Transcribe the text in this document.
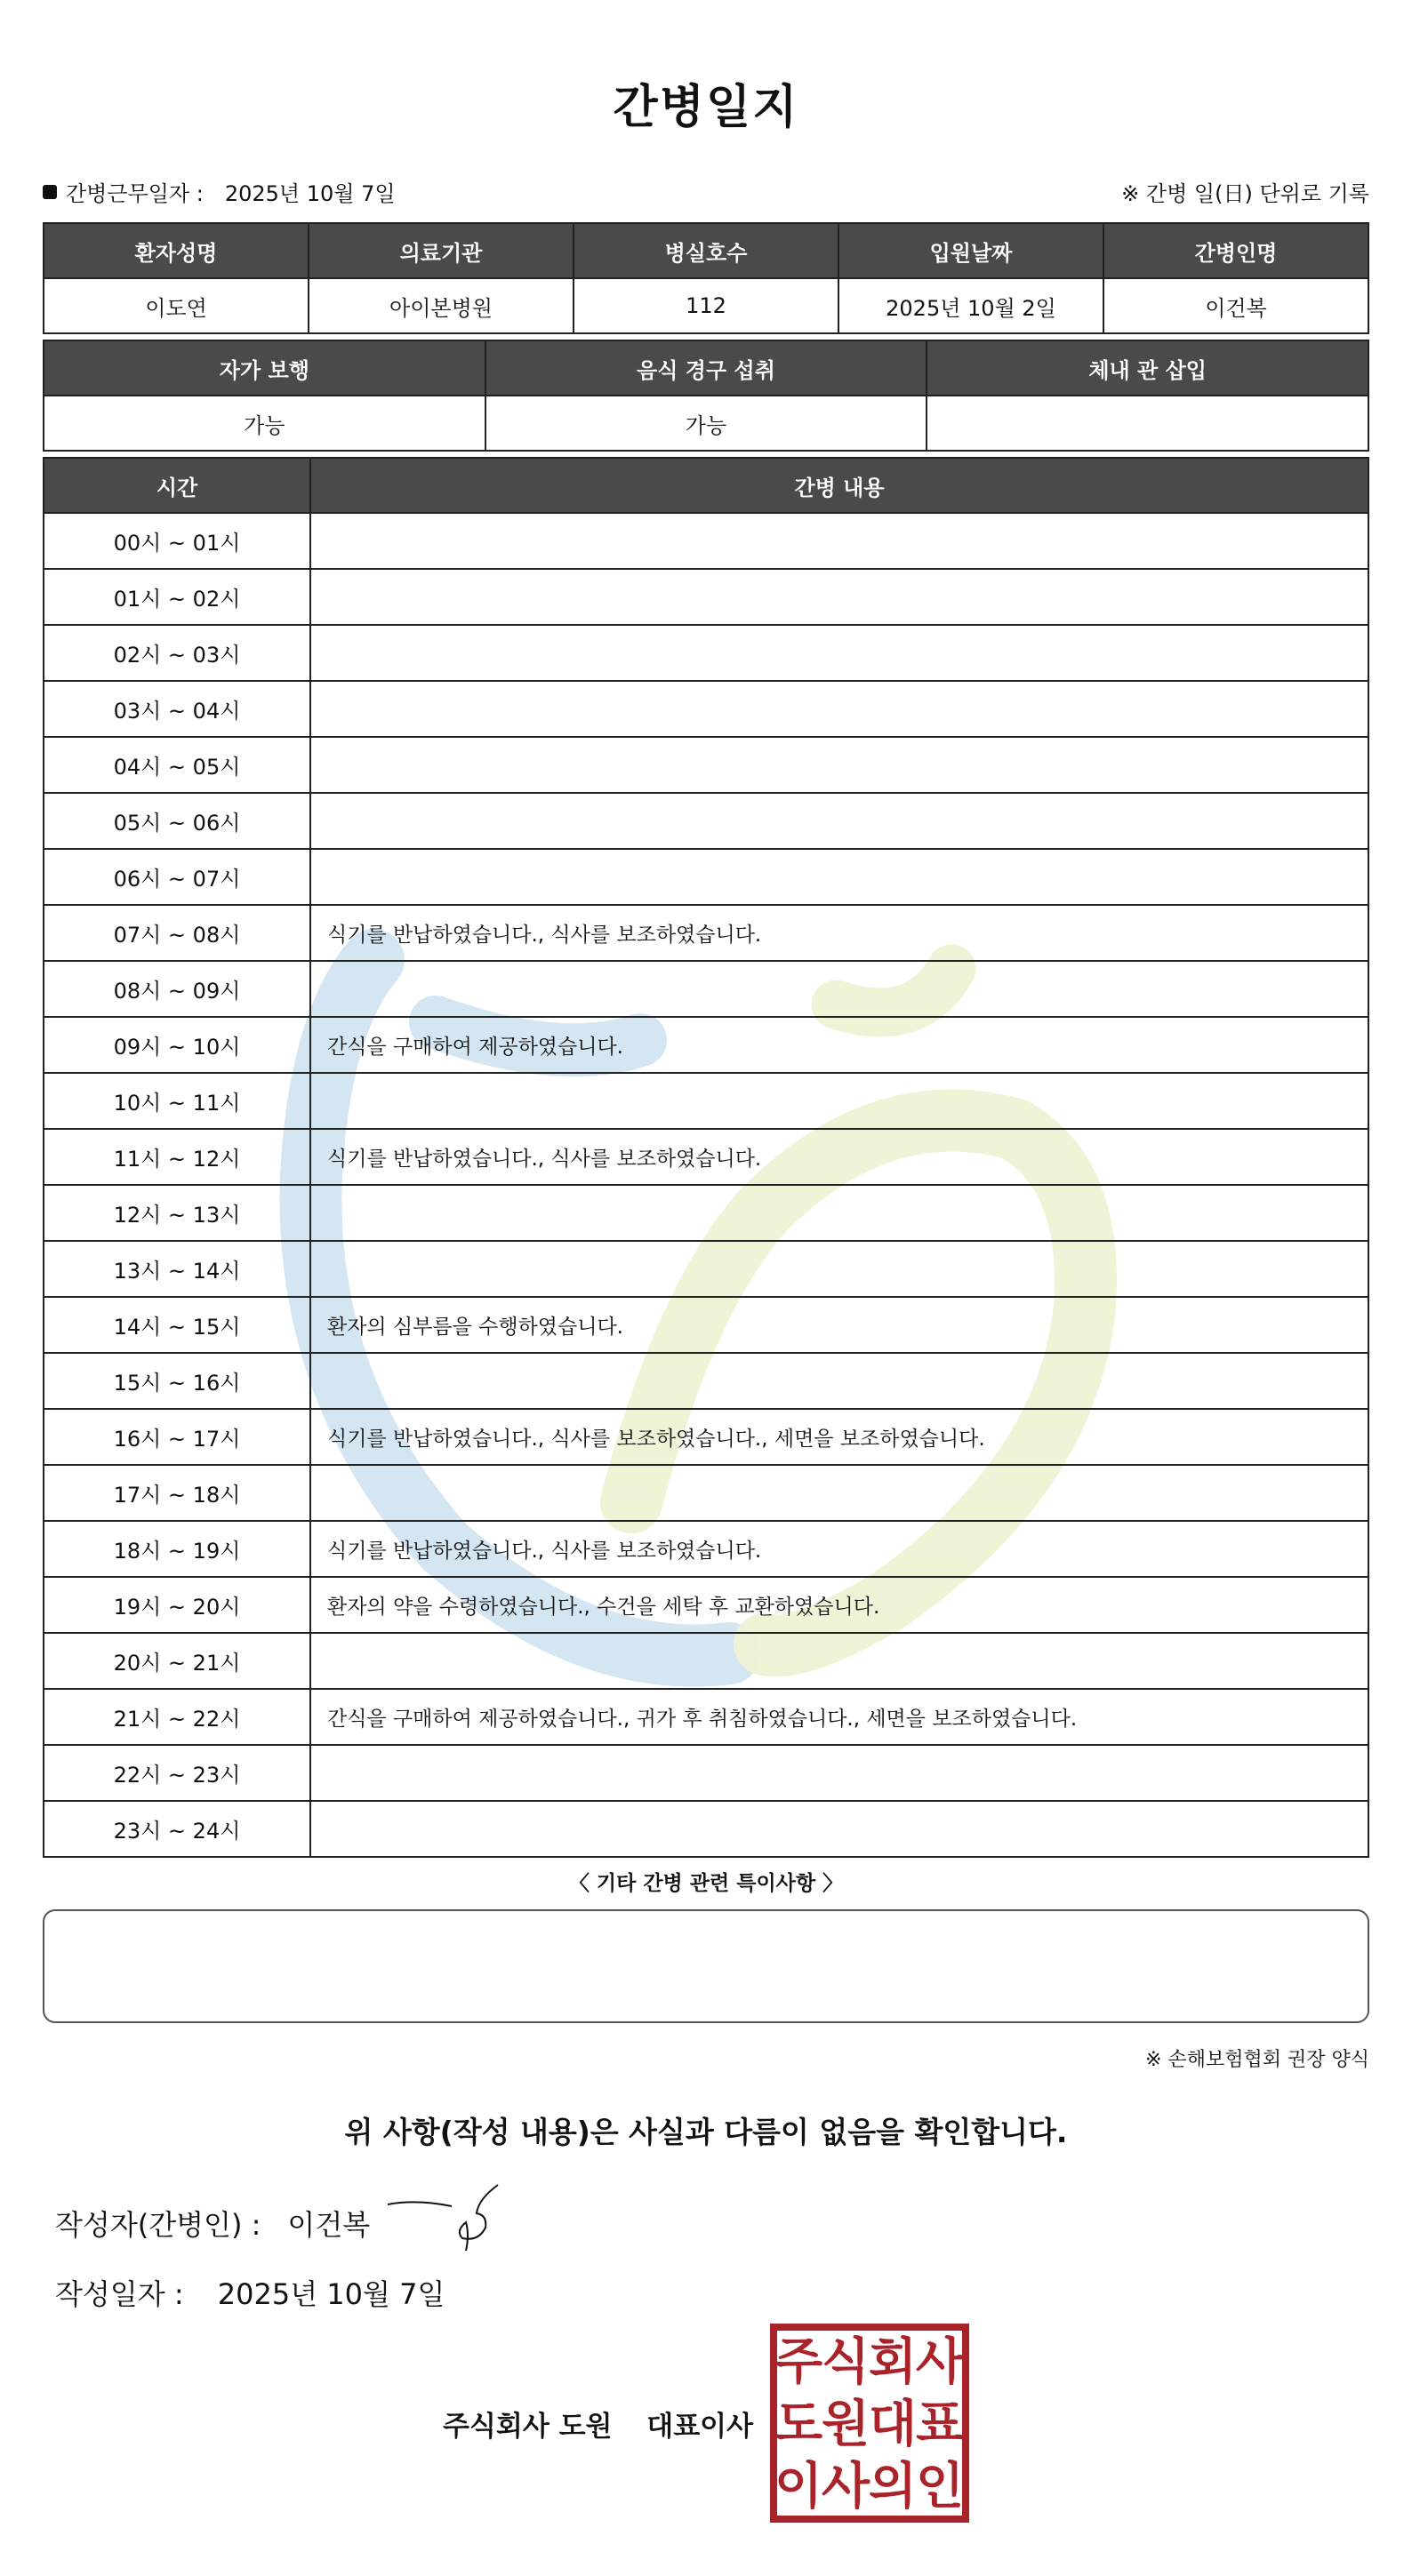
간병일지
간병근무일자 : 2025년 10월 7일	※ 간병 일(日) 단위로 기록
환자성명	의료기관	병실호수	입원날짜	간병인명
이도연	아이본병원	112	2025년 10월 2일	이건복
자가 보행	음식 경구 섭취	체내 관 삽입
가능	가능	
시간	간병 내용
00시 ~ 01시	
01시 ~ 02시	
02시 ~ 03시	
03시 ~ 04시	
04시 ~ 05시	
05시 ~ 06시	
06시 ~ 07시	
07시 ~ 08시	식기를 반납하였습니다., 식사를 보조하였습니다.
08시 ~ 09시	
09시 ~ 10시	간식을 구매하여 제공하였습니다.
10시 ~ 11시	
11시 ~ 12시	식기를 반납하였습니다., 식사를 보조하였습니다.
12시 ~ 13시	
13시 ~ 14시	
14시 ~ 15시	환자의 심부름을 수행하였습니다.
15시 ~ 16시	
16시 ~ 17시	식기를 반납하였습니다., 식사를 보조하였습니다., 세면을 보조하였습니다.
17시 ~ 18시	
18시 ~ 19시	식기를 반납하였습니다., 식사를 보조하였습니다.
19시 ~ 20시	환자의 약을 수령하였습니다., 수건을 세탁 후 교환하였습니다.
20시 ~ 21시	
21시 ~ 22시	간식을 구매하여 제공하였습니다., 귀가 후 취침하였습니다., 세면을 보조하였습니다.
22시 ~ 23시	
23시 ~ 24시	
〈 기타 간병 관련 특이사항 〉
※ 손해보험협회 권장 양식
위 사항(작성 내용)은 사실과 다름이 없음을 확인합니다.
작성자(간병인) : 이건복
작성일자 : 2025년 10월 7일
주식회사 도원 대표이사
주
식
회
사
도
원
대
표
이
사
의
인
